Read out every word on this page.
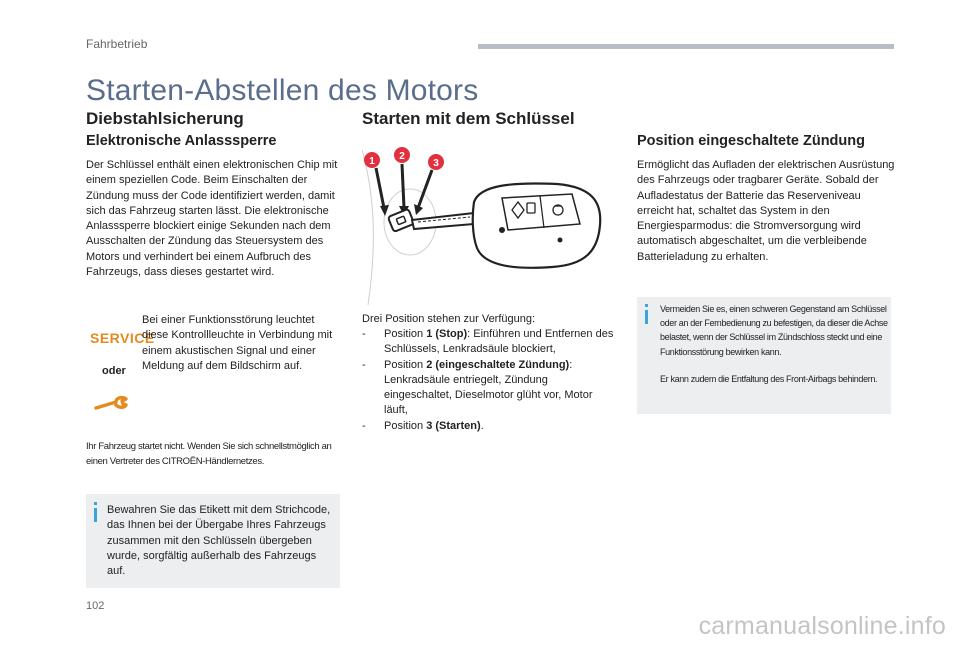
Fahrbetrieb
Starten-Abstellen des Motors
Diebstahlsicherung
Elektronische Anlasssperre
Der Schlüssel enthält einen elektronischen Chip mit einem speziellen Code. Beim Einschalten der Zündung muss der Code identifiziert werden, damit sich das Fahrzeug starten lässt. Die elektronische Anlasssperre blockiert einige Sekunden nach dem Ausschalten der Zündung das Steuersystem des Motors und verhindert bei einem Aufbruch des Fahrzeugs, dass dieses gestartet wird.
SERVICE
oder
Bei einer Funktionsstörung leuchtet diese Kontrollleuchte in Verbindung mit einem akustischen Signal und einer Meldung auf dem Bildschirm auf.
Ihr Fahrzeug startet nicht. Wenden Sie sich schnellstmöglich an einen Vertreter des CITROËN-Händlernetzes.
Bewahren Sie das Etikett mit dem Strichcode, das Ihnen bei der Übergabe Ihres Fahrzeugs zusammen mit den Schlüsseln übergeben wurde, sorgfältig außerhalb des Fahrzeugs auf.
102
Starten mit dem Schlüssel
1 2
3
Drei Position stehen zur Verfügung:
- Position 1 (Stop): Einführen und Entfernen des Schlüssels, Lenkradsäule blockiert,
- Position 2 (eingeschaltete Zündung): Lenkradsäule entriegelt, Zündung eingeschaltet, Dieselmotor glüht vor, Motor läuft,
- Position 3 (Starten).
Position eingeschaltete Zündung
Ermöglicht das Aufladen der elektrischen Ausrüstung des Fahrzeugs oder tragbarer Geräte. Sobald der Aufladestatus der Batterie das Reserveniveau erreicht hat, schaltet das System in den Energiesparmodus: die Stromversorgung wird automatisch abgeschaltet, um die verbleibende Batterieladung zu erhalten.
Vermeiden Sie es, einen schweren Gegenstand am Schlüssel oder an der Fernbedienung zu befestigen, da dieser die Achse belastet, wenn der Schlüssel im Zündschloss steckt und eine Funktionsstörung bewirken kann.
Er kann zudem die Entfaltung des Front-Airbags behindern.
carmanualsonline.info
